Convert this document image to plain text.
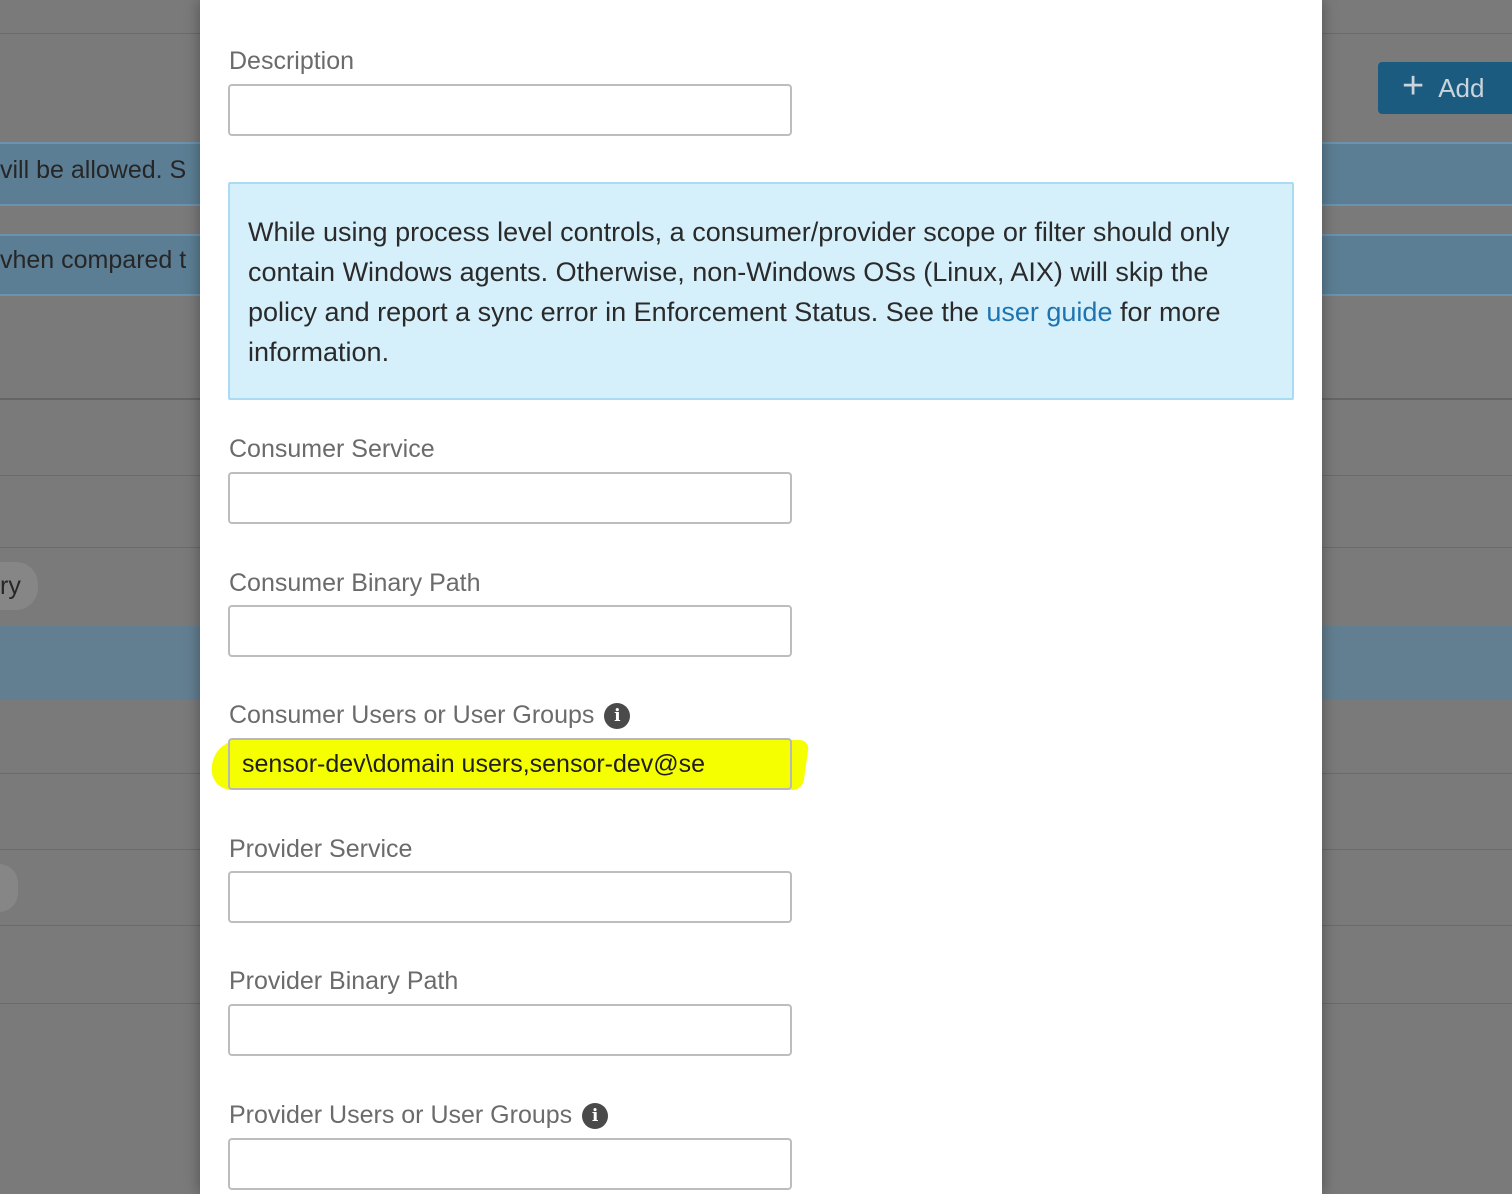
+ Add
vill be allowed. S
vhen compared t
ry
Description
While using process level controls, a consumer/provider scope or filter should only contain Windows agents. Otherwise, non-Windows OSs (Linux, AIX) will skip the policy and report a sync error in Enforcement Status. See the user guide for more information.
Consumer Service
Consumer Binary Path
Consumer Users or User Groups	i
sensor-dev\domain users,sensor-dev@se
Provider Service
Provider Binary Path
Provider Users or User Groups	i
